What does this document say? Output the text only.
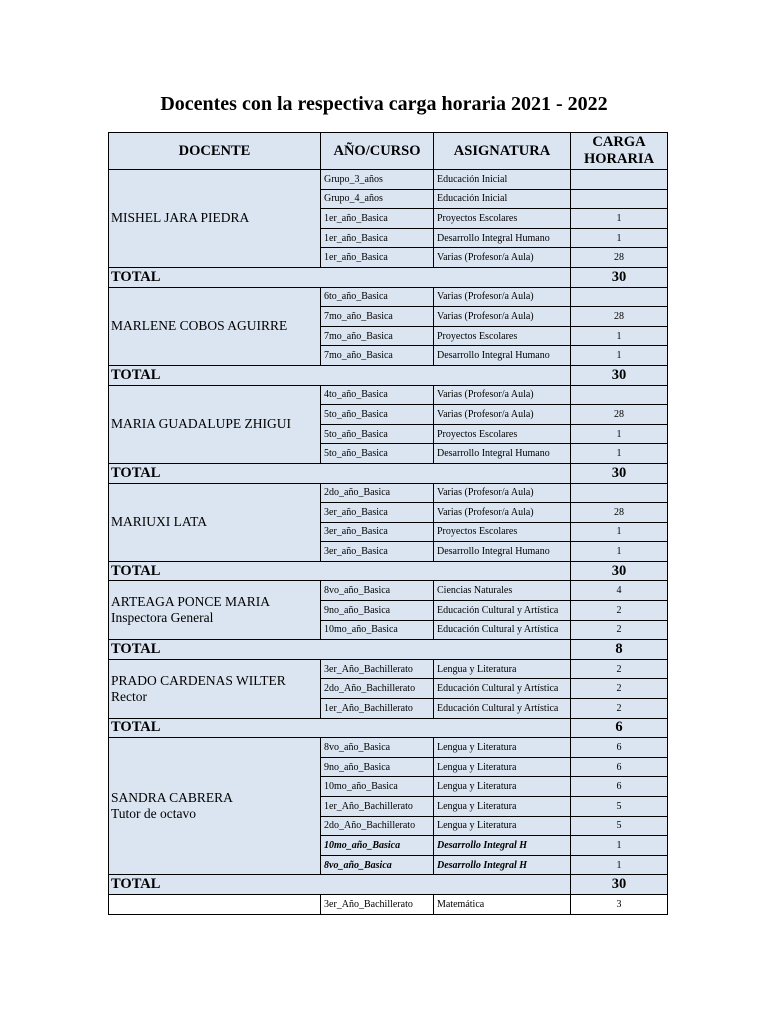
Docentes con la respectiva carga horaria 2021 - 2022
DOCENTE	AÑO/CURSO	ASIGNATURA	CARGA
HORARIA

MISHEL JARA PIEDRA	Grupo_3_años	Educación Inicial	
	Grupo_4_años	Educación Inicial	
	1er_año_Basica	Proyectos Escolares	1
	1er_año_Basica	Desarrollo Integral Humano	1
	1er_año_Basica	Varias (Profesor/a Aula)	28
TOTAL			30

MARLENE COBOS AGUIRRE	6to_año_Basica	Varias (Profesor/a Aula)	
	7mo_año_Basica	Varias (Profesor/a Aula)	28
	7mo_año_Basica	Proyectos Escolares	1
	7mo_año_Basica	Desarrollo Integral Humano	1
TOTAL			30

MARIA GUADALUPE ZHIGUI	4to_año_Basica	Varias (Profesor/a Aula)	
	5to_año_Basica	Varias (Profesor/a Aula)	28
	5to_año_Basica	Proyectos Escolares	1
	5to_año_Basica	Desarrollo Integral Humano	1
TOTAL			30

MARIUXI LATA	2do_año_Basica	Varias (Profesor/a Aula)	
	3er_año_Basica	Varias (Profesor/a Aula)	28
	3er_año_Basica	Proyectos Escolares	1
	3er_año_Basica	Desarrollo Integral Humano	1
TOTAL			30

ARTEAGA PONCE MARIA
Inspectora General	8vo_año_Basica	Ciencias Naturales	4
	9no_año_Basica	Educación Cultural y Artística	2
	10mo_año_Basica	Educación Cultural y Artística	2
TOTAL			8

PRADO CARDENAS WILTER
Rector	3er_Año_Bachillerato	Lengua y Literatura	2
	2do_Año_Bachillerato	Educación Cultural y Artística	2
	1er_Año_Bachillerato	Educación Cultural y Artística	2
TOTAL			6

SANDRA CABRERA
Tutor de octavo	8vo_año_Basica	Lengua y Literatura	6
	9no_año_Basica	Lengua y Literatura	6
	10mo_año_Basica	Lengua y Literatura	6
	1er_Año_Bachillerato	Lengua y Literatura	5
	2do_Año_Bachillerato	Lengua y Literatura	5
	10mo_año_Basica	Desarrollo Integral H	1
	8vo_año_Basica	Desarrollo Integral H	1
TOTAL			30
	3er_Año_Bachillerato	Matemática	3
